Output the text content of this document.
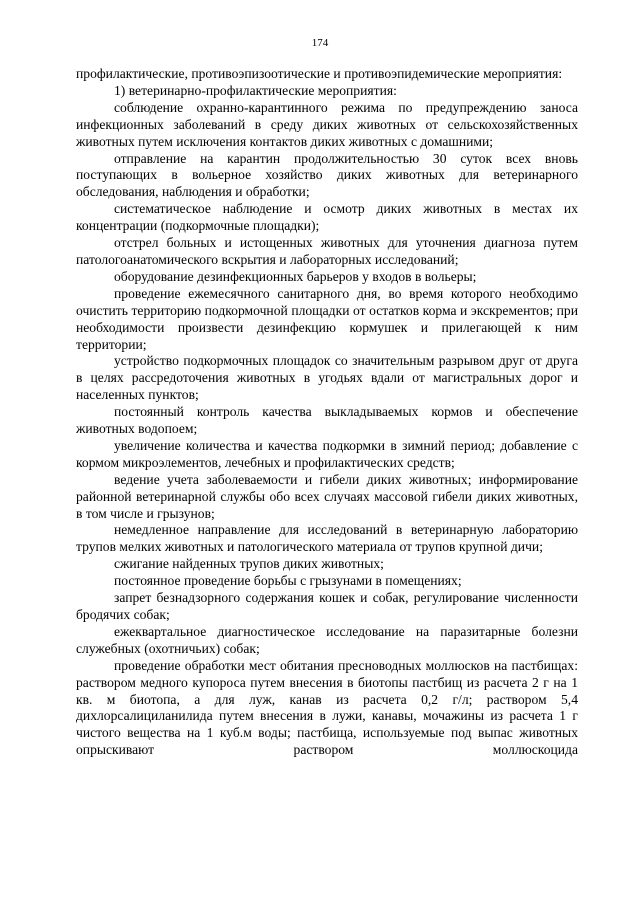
174

профилактические, противоэпизоотические и противоэпидемические мероприятия:

1) ветеринарно-профилактические мероприятия:

соблюдение охранно-карантинного режима по предупреждению заноса инфекционных заболеваний в среду диких животных от сельскохозяйственных животных путем исключения контактов диких животных с домашними;

отправление на карантин продолжительностью 30 суток всех вновь поступающих в вольерное хозяйство диких животных для ветеринарного обследования, наблюдения и обработки;

систематическое наблюдение и осмотр диких животных в местах их концентрации (подкормочные площадки);

отстрел больных и истощенных животных для уточнения диагноза путем патологоанатомического вскрытия и лабораторных исследований;

оборудование дезинфекционных барьеров у входов в вольеры;

проведение ежемесячного санитарного дня, во время которого необходимо очистить территорию подкормочной площадки от остатков корма и экскрементов; при необходимости произвести дезинфекцию кормушек и прилегающей к ним территории;

устройство подкормочных площадок со значительным разрывом друг от друга в целях рассредоточения животных в угодьях вдали от магистральных дорог и населенных пунктов;

постоянный контроль качества выкладываемых кормов и обеспечение животных водопоем;

увеличение количества и качества подкормки в зимний период; добавление с кормом микроэлементов, лечебных и профилактических средств;

ведение учета заболеваемости и гибели диких животных; информирование районной ветеринарной службы обо всех случаях массовой гибели диких животных, в том числе и грызунов;

немедленное направление для исследований в ветеринарную лабораторию трупов мелких животных и патологического материала от трупов крупной дичи;

сжигание найденных трупов диких животных;

постоянное проведение борьбы с грызунами в помещениях;

запрет безнадзорного содержания кошек и собак, регулирование численности бродячих собак;

ежеквартальное диагностическое исследование на паразитарные болезни служебных (охотничьих) собак;

проведение обработки мест обитания пресноводных моллюсков на пастбищах: раствором медного купороса путем внесения в биотопы пастбищ из расчета 2 г на 1 кв. м биотопа, а для луж, канав из расчета 0,2 г/л; раствором 5,4 дихлорсалициланилида путем внесения в лужи, канавы, мочажины из расчета 1 г чистого вещества на 1 куб.м воды; пастбища, используемые под выпас животных опрыскивают раствором моллюскоцида
